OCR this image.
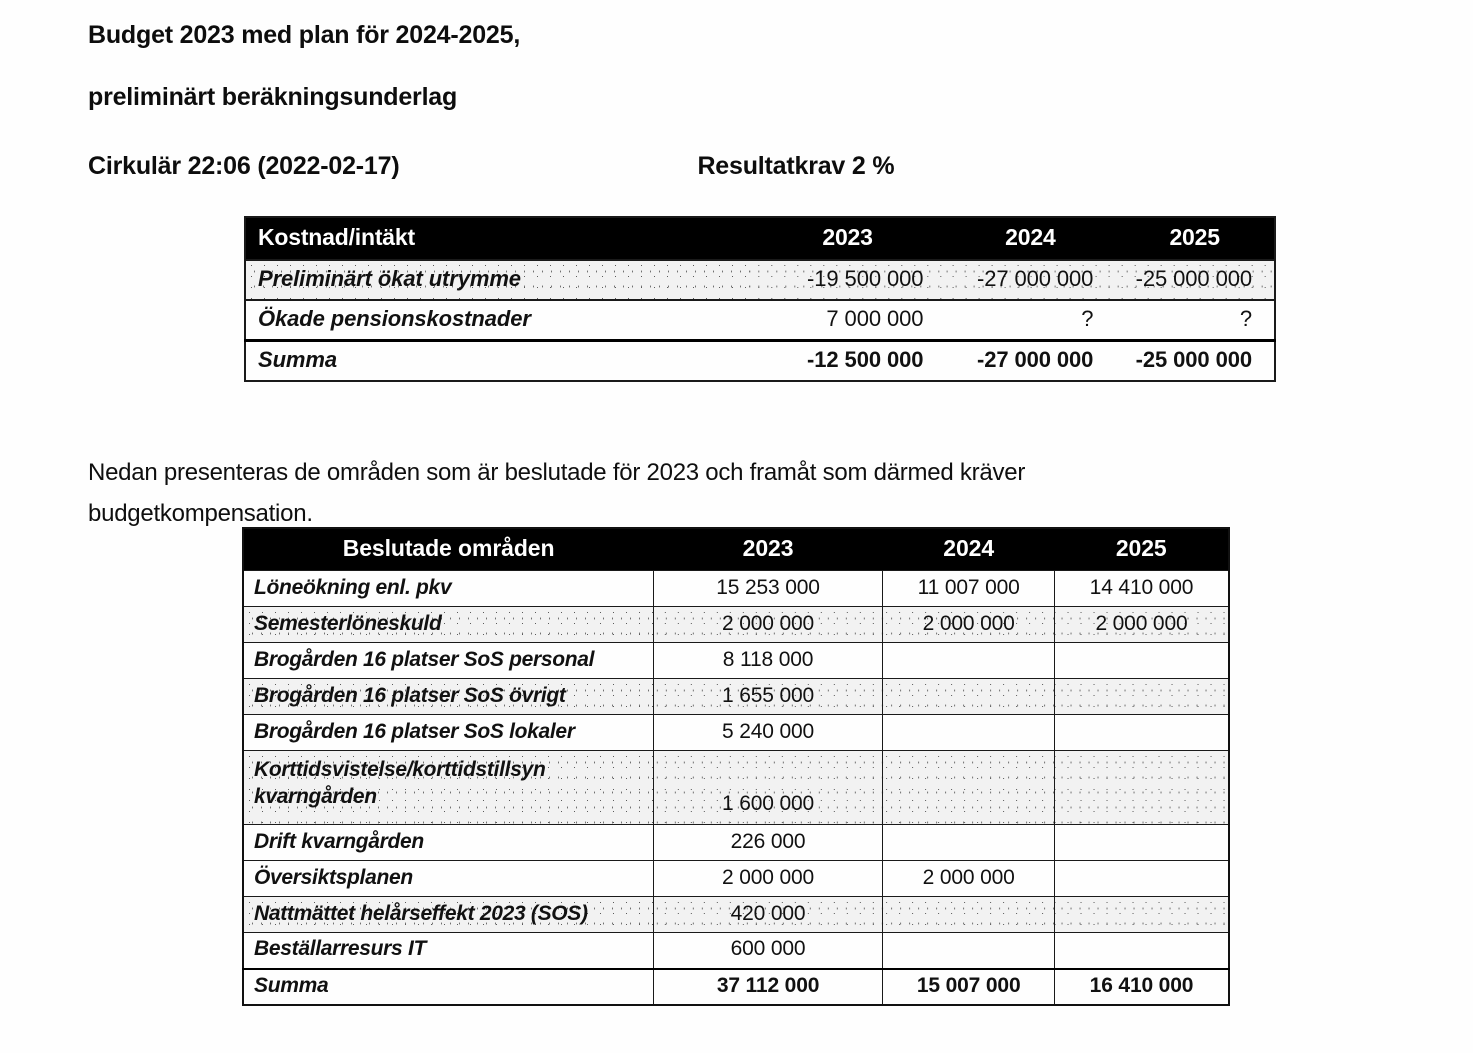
Budget 2023 med plan för 2024-2025,
preliminärt beräkningsunderlag
Cirkulär 22:06 (2022-02-17)	Resultatkrav 2 %
Kostnad/intäkt	2023	2024	2025
Preliminärt ökat utrymme	-19 500 000	-27 000 000	-25 000 000
Ökade pensionskostnader	7 000 000	?	?
Summa	-12 500 000	-27 000 000	-25 000 000

Nedan presenteras de områden som är beslutade för 2023 och framåt som därmed kräver budgetkompensation.

Beslutade områden	2023	2024	2025
Löneökning enl. pkv	15 253 000	11 007 000	14 410 000
Semesterlöneskuld	2 000 000	2 000 000	2 000 000
Brogården 16 platser SoS personal	8 118 000		
Brogården 16 platser SoS övrigt	1 655 000		
Brogården 16 platser SoS lokaler	5 240 000		

Korttidsvistelse/korttidstillsyn
kvarngården	1 600 000		
Drift kvarngården	226 000		
Översiktsplanen	2 000 000	2 000 000	
Nattmättet helårseffekt 2023 (SOS)	420 000		
Beställarresurs IT	600 000		
Summa	37 112 000	15 007 000	16 410 000
